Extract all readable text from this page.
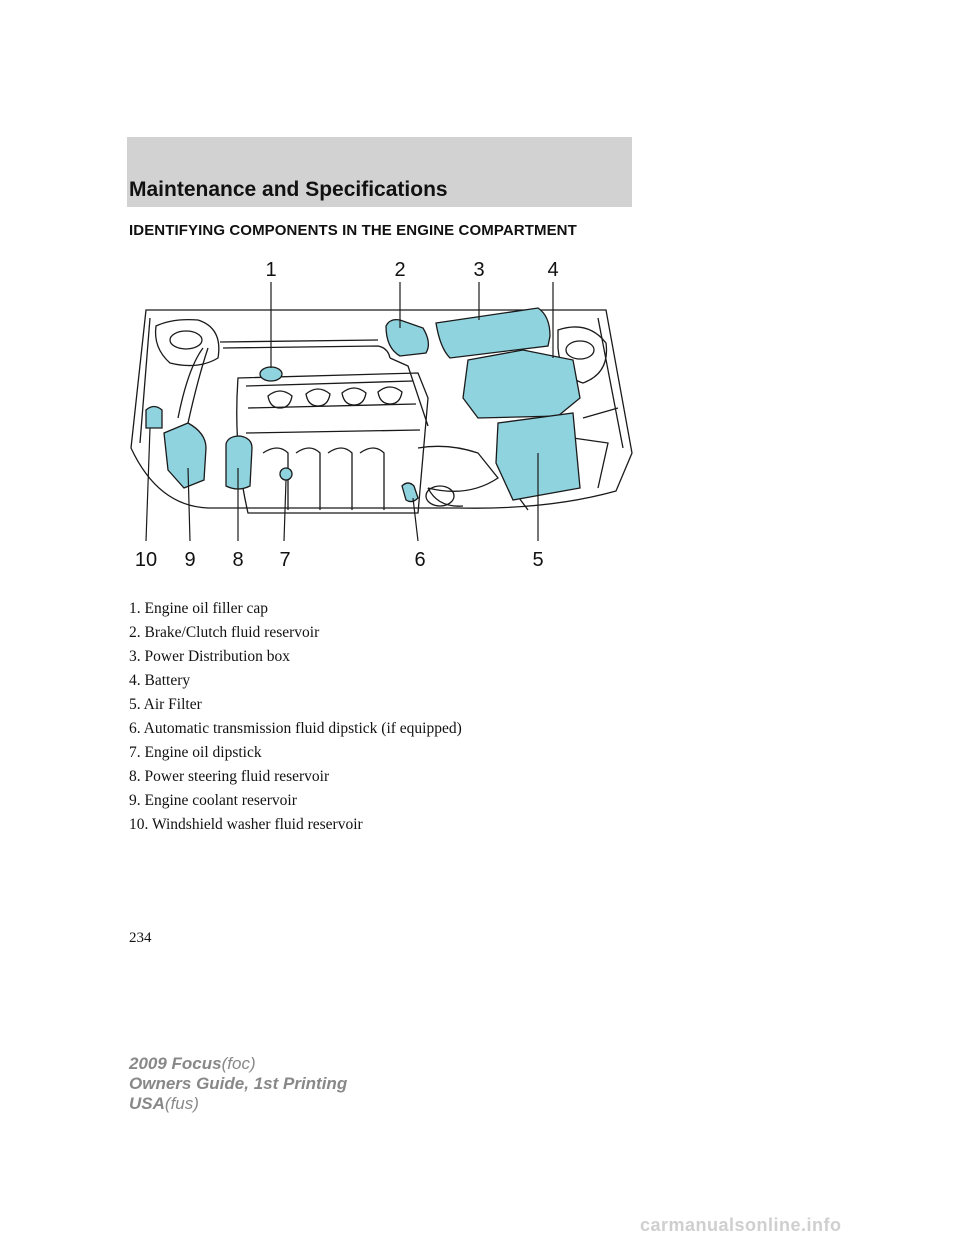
Maintenance and Specifications
IDENTIFYING COMPONENTS IN THE ENGINE COMPARTMENT
1	2	3	4
5
6
7
8
9
10
1. Engine oil filler cap
2. Brake/Clutch fluid reservoir
3. Power Distribution box
4. Battery
5. Air Filter
6. Automatic transmission fluid dipstick (if equipped)
7. Engine oil dipstick
8. Power steering fluid reservoir
9. Engine coolant reservoir
10. Windshield washer fluid reservoir
234
2009 Focus(foc)
Owners Guide, 1st Printing
USA(fus)
carmanualsonline.info
